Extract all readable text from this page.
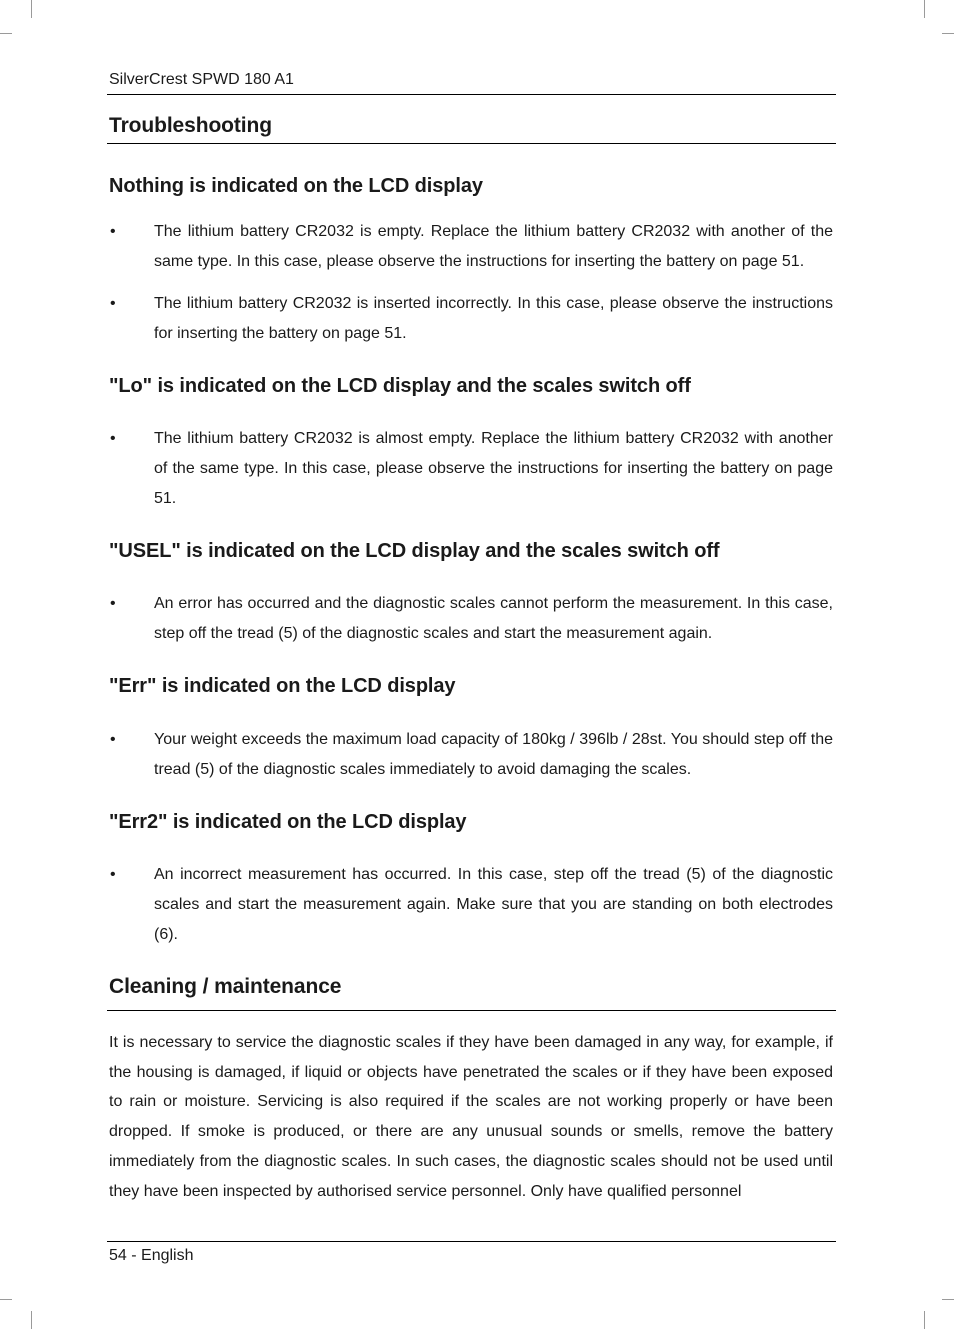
SilverCrest SPWD 180 A1
Troubleshooting
Nothing is indicated on the LCD display
• The lithium battery CR2032 is empty. Replace the lithium battery CR2032 with another of the same type. In this case, please observe the instructions for inserting the battery on page 51.
• The lithium battery CR2032 is inserted incorrectly. In this case, please observe the instructions for inserting the battery on page 51.
"Lo" is indicated on the LCD display and the scales switch off
• The lithium battery CR2032 is almost empty. Replace the lithium battery CR2032 with another of the same type. In this case, please observe the instructions for inserting the battery on page 51.
"USEL" is indicated on the LCD display and the scales switch off
• An error has occurred and the diagnostic scales cannot perform the measurement. In this case, step off the tread (5) of the diagnostic scales and start the measurement again.
"Err" is indicated on the LCD display
• Your weight exceeds the maximum load capacity of 180kg / 396lb / 28st. You should step off the tread (5) of the diagnostic scales immediately to avoid damaging the scales.
"Err2" is indicated on the LCD display
• An incorrect measurement has occurred. In this case, step off the tread (5) of the diagnostic scales and start the measurement again. Make sure that you are standing on both electrodes (6).
Cleaning / maintenance
It is necessary to service the diagnostic scales if they have been damaged in any way, for example, if the housing is damaged, if liquid or objects have penetrated the scales or if they have been exposed to rain or moisture. Servicing is also required if the scales are not working properly or have been dropped. If smoke is produced, or there are any unusual sounds or smells, remove the battery immediately from the diagnostic scales. In such cases, the diagnostic scales should not be used until they have been inspected by authorised service personnel. Only have qualified personnel
54 - English
